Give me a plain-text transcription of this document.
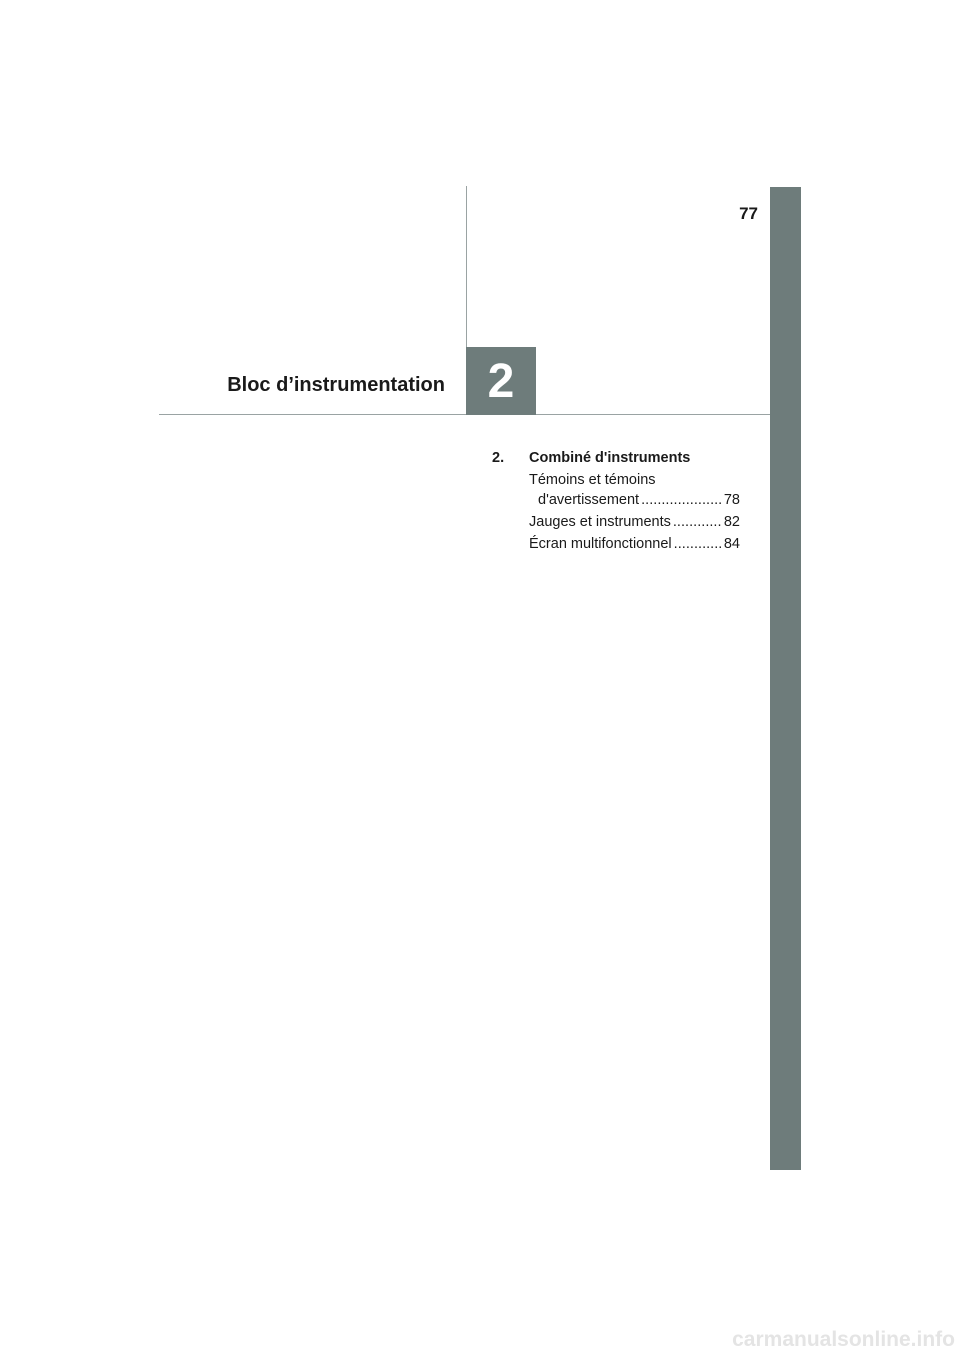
77
Bloc d’instrumentation 2
2.	Combiné d'instruments
Témoins et témoins
d'avertissement . . .	78
Jauges et instruments . . .	82
Écran multifonctionnel . . .	84
carmanualsonline.info
